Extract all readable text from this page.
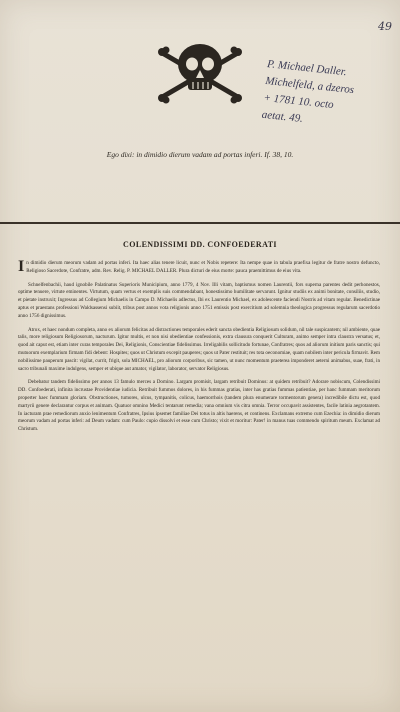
49
P. Michael Daller.
Michelfeld, a dzeros
+ 1781 10. octo
aetat. 49.
Ego dixi: in dimidio dierum vadam ad portas inferi. If. 38, 10.
COLENDISSIMI DD. CONFOEDERATI

In dimidio dierum meorum vadam ad portas inferi. Ita haec alias tenere licuit, nunc et Nobis repetere: Ita nempe quae in tabula praefixa legitur de fratre nostro defuncto, Religioso Sacerdote, Confratre, adm. Rev. Relig. P. MICHAEL DALLER. Plura dicturi de eius morte: pauca praemittimus de eius vita.

Schnelfenbachii, haud ignobile Palatinatus Superioris Municipium, anno 1779, 4 Nov. Illi vitam, baptismus nomen Laurentii, fors superna parentes dedit perhonestos, optime tenuere, virtute eminentes. Virtutum, quam vertus et exemplis suis commendabant, honestissimo humilitate servarunt. Ignitur studiis ex animi bonitate, consiliis, studio, et pietate instruxit; Ingressus ad Collegium Michaelis in Campo D. Michaelis adlectus, Ibi ex Laurentio Michael, ex adolescente faciendi Nostris ad vitam regular. Benedictinae aptus et praestans professioni Waldsassensi subiit, tribus post annos vota religionis anno 1751 emissis post exercitium ad solemnia theologica progressus regularum sacerdotio anno 1756 dignissimus.

Atrox, et haec nondum completa, anno ex aliorum felicitas ad distractiones temporales ederit sancta obedientia Religiosum solidum, nil tale suspicantem; nil ambiente, quae talis, more religiosum Religiosorum, nacturum. Igitur multis, et non nisi obedientiae confessionis, extra clausura conquerit Culturam, animo semper intra claustra versatus; et, quod ait caput est, etiam inter curas temporales Dei, Religionis, Conscientiae fidelissimus. Irreligabilis sollicitudo fortunae, Confratres; quos ad aliorum initium paris sanctis; qui mutuorum exemplarium firmam fidi debent: Hospites; quos ut Christum excepit pauperes; quos ut Pater restituit; res tota oeconomiae, quam nobilem inter pericula firmavit. Rem nobilissime pauperum pascit: vigilat, currit, frigit, sola MICHAEL, pro aliorum corporibus, sic tamen, ut nunc momentum praeterea imponderet aeterni animabus, suae, frati, in sacro tribunali maxime indulgens, semper et ubique aut amator, vigilator, laborator, servator Religiosus.

Debebatur tandem fidelissimo per annos 13 famulo merces a Domino. Largam promisit, largam retribuit Dominus: at quidem retribuit? Adorare nobiscum, Colendissimi DD. Confoederati, infinita incrustae Providentiae iudicia. Retribuit fummos dolores, in his fummas gratias, inter has gratias fummas patientiae, per hanc fummam meritorum properter haec fummam gloriam. Obstructiones, tumores, ulcus, tympanitis, colicus, haemorrhois (tandem plura enumerare tormentorum genera) incredibile dictu est, quod martyrii genere declarantur corpus et animam. Quatuor omnino Medici tentarunt remedia; vana omnium vis citra omnia. Terror occupavit assistentes, facile latinia aegrotantem. In iacturam prae remediorum anxio lenimentum Confratres, Ipsius ipsemet familiae Dei totus in altis haerens, et continens. Exclamans extremo cum Ezechia: in dimidio dierum meorum vadam ad portas inferi: ad Deum vadam: cum Paulo: cupio dissolvi et esse cum Christo; vixit et moritur: Pater! in manus tuas commendo spiritum meum. Exclamat ad Christum.
